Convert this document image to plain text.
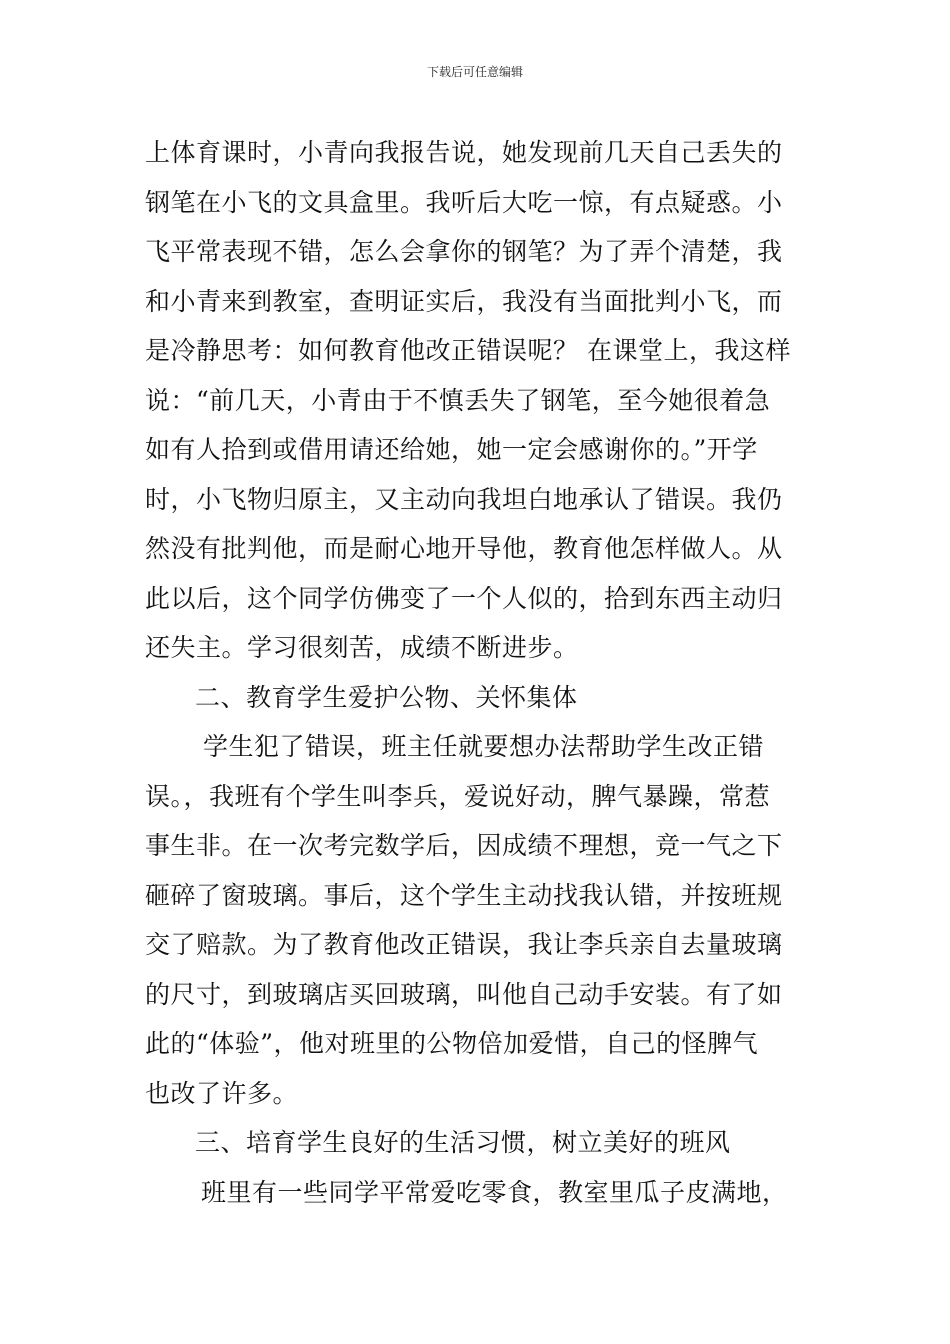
下载后可任意编辑
上体育课时，小青向我报告说，她发现前几天自己丢失的
钢笔在小飞的文具盒里。我听后大吃一惊，有点疑惑。小
飞平常表现不错，怎么会拿你的钢笔？为了弄个清楚，我
和小青来到教室，查明证实后，我没有当面批判小飞，而
是冷静思考：如何教育他改正错误呢？ 在课堂上，我这样
说：“前几天，小青由于不慎丢失了钢笔，至今她很着急
如有人拾到或借用请还给她，她一定会感谢你的。”开学
时，小飞物归原主，又主动向我坦白地承认了错误。我仍
然没有批判他，而是耐心地开导他，教育他怎样做人。从
此以后，这个同学仿佛变了一个人似的，拾到东西主动归
还失主。学习很刻苦，成绩不断进步。
二、教育学生爱护公物、关怀集体
学生犯了错误，班主任就要想办法帮助学生改正错
误。，我班有个学生叫李兵，爱说好动，脾气暴躁，常惹
事生非。在一次考完数学后，因成绩不理想，竞一气之下
砸碎了窗玻璃。事后，这个学生主动找我认错，并按班规
交了赔款。为了教育他改正错误，我让李兵亲自去量玻璃
的尺寸，到玻璃店买回玻璃，叫他自己动手安装。有了如
此的“体验”，他对班里的公物倍加爱惜，自己的怪脾气
也改了许多。
三、培育学生良好的生活习惯，树立美好的班风
班里有一些同学平常爱吃零食，教室里瓜子皮满地，
